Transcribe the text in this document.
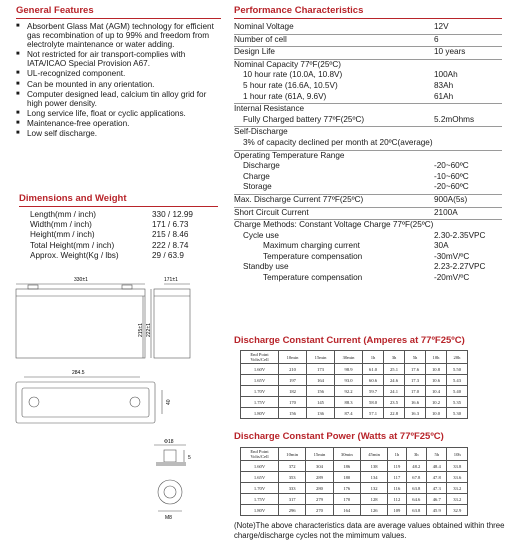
General Features
■ Absorbent Glass Mat (AGM) technology for efficient gas recombination of up to 99% and freedom from electrolyte maintenance or water adding.
■ Not restricted for air transport-complies with IATA/ICAO Special Provision A67.
■ UL-recognized component.
■ Can be mounted in any orientation.
■ Computer designed lead, calcium tin alloy grid for high power density.
■ Long service life, float or cyclic applications.
■ Maintenance-free operation.
■ Low self discharge.
Dimensions and Weight
Length(mm / inch)	330 / 12.99
Width(mm / inch)	171 / 6.73
Height(mm / inch)	215 / 8.46
Total Height(mm / inch)	222 / 8.74
Approx. Weight(Kg / lbs)	29 / 63.9
330±1	171±1
215±1 222±1
284.5
40
Φ18
5
M8
Performance Characteristics
Nominal Voltage	12V
Number of cell	6
Design Life	10 years
Nominal Capacity 77ºF(25ºC)
10 hour rate (10.0A, 10.8V)	100Ah
5 hour rate (16.6A, 10.5V)	83Ah
1 hour rate (61A, 9.6V)	61Ah
Internal Resistance
Fully Charged battery 77ºF(25ºC)	5.2mOhms
Self-Discharge
3% of capacity declined per month at 20ºC(average)
Operating Temperature Range
Discharge	-20~60ºC
Charge	-10~60ºC
Storage	-20~60ºC
Max. Discharge Current 77ºF(25ºC)	900A(5s)
Short Circuit Current	2100A
Charge Methods: Constant Voltage Charge 77ºF(25ºC)
Cycle use	2.30-2.35VPC
Maximum charging current	30A
Temperature compensation	-30mV/ºC
Standby use	2.23-2.27VPC
Temperature compensation	-20mV/ºC
Discharge Constant Current (Amperes at 77ºF25ºC)
End Point Volts/Cell	10min	15min	30min	1h	3h	5h	10h	20h
1.60V	210	173	98.9	61.0	25.1	17.6	10.8	5.50
1.65V	197	164	93.0	60.6	24.6	17.3	10.6	5.43
1.70V	182	156	92.2	59.7	24.1	17.0	10.4	5.40
1.75V	170	145	88.3	58.0	23.5	16.6	10.2	5.35
1.80V	156	136	87.4	57.1	22.8	16.3	10.0	5.30
Discharge Constant Power (Watts at 77ºF25ºC)
End Point Volts/Cell	10min	15min	30min	45min	1h	3h	5h	10h
1.60V	372	304	186	138	119	48.2	48.4	33.8
1.65V	353	289	180	134	117	67.8	47.8	33.6
1.70V	333	280	176	132	116	63.8	47.3	33.2
1.75V	317	279	170	128	112	64.6	46.7	33.2
1.80V	296	270	164	126	109	63.8	45.9	32.9
(Note)The above characteristics data are average values obtained within three charge/discharge cycles not the mimimum values.
